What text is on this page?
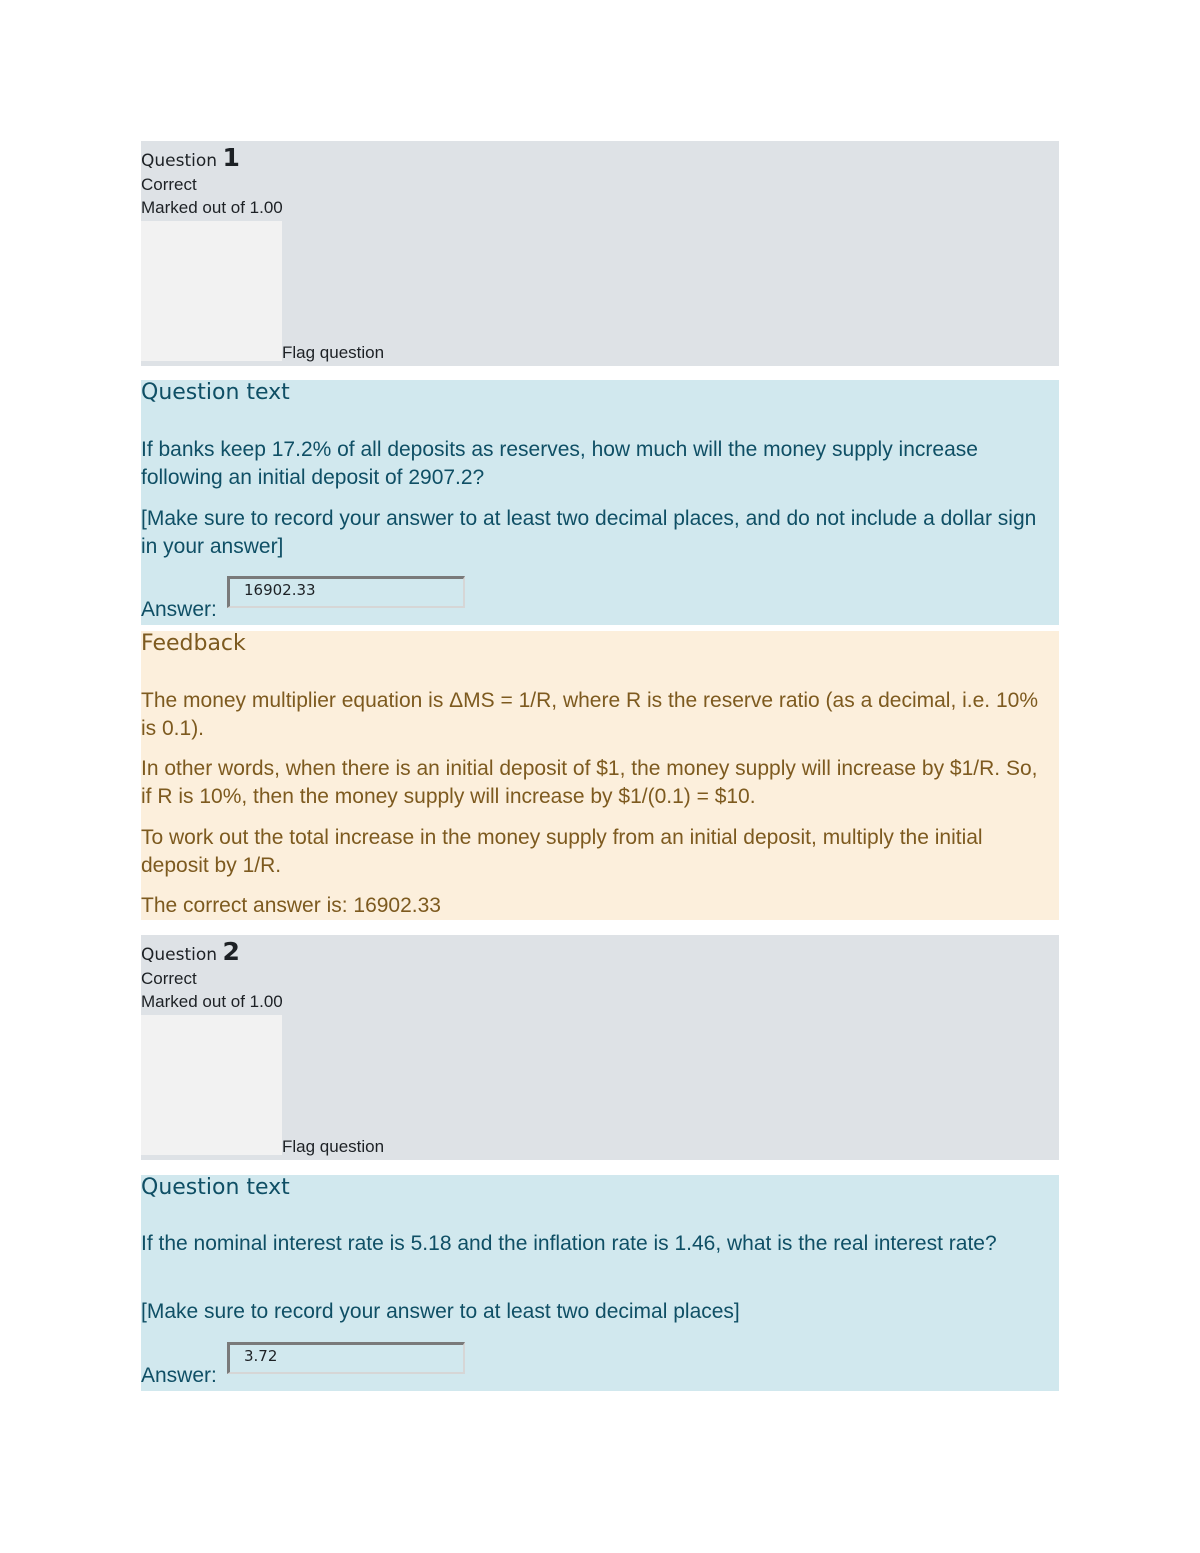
Question 1
Correct
Marked out of 1.00
Flag question
Question text

If banks keep 17.2% of all deposits as reserves, how much will the money supply increase following an initial deposit of 2907.2?

[Make sure to record your answer to at least two decimal places, and do not include a dollar sign in your answer]

Answer:
16902.33
Feedback

The money multiplier equation is ΔMS = 1/R, where R is the reserve ratio (as a decimal, i.e. 10% is 0.1).

In other words, when there is an initial deposit of $1, the money supply will increase by $1/R. So, if R is 10%, then the money supply will increase by $1/(0.1) = $10.

To work out the total increase in the money supply from an initial deposit, multiply the initial deposit by 1/R.

The correct answer is: 16902.33

Question 2
Correct
Marked out of 1.00
Flag question
Question text

If the nominal interest rate is 5.18 and the inflation rate is 1.46, what is the real interest rate?

[Make sure to record your answer to at least two decimal places]

Answer:
3.72
